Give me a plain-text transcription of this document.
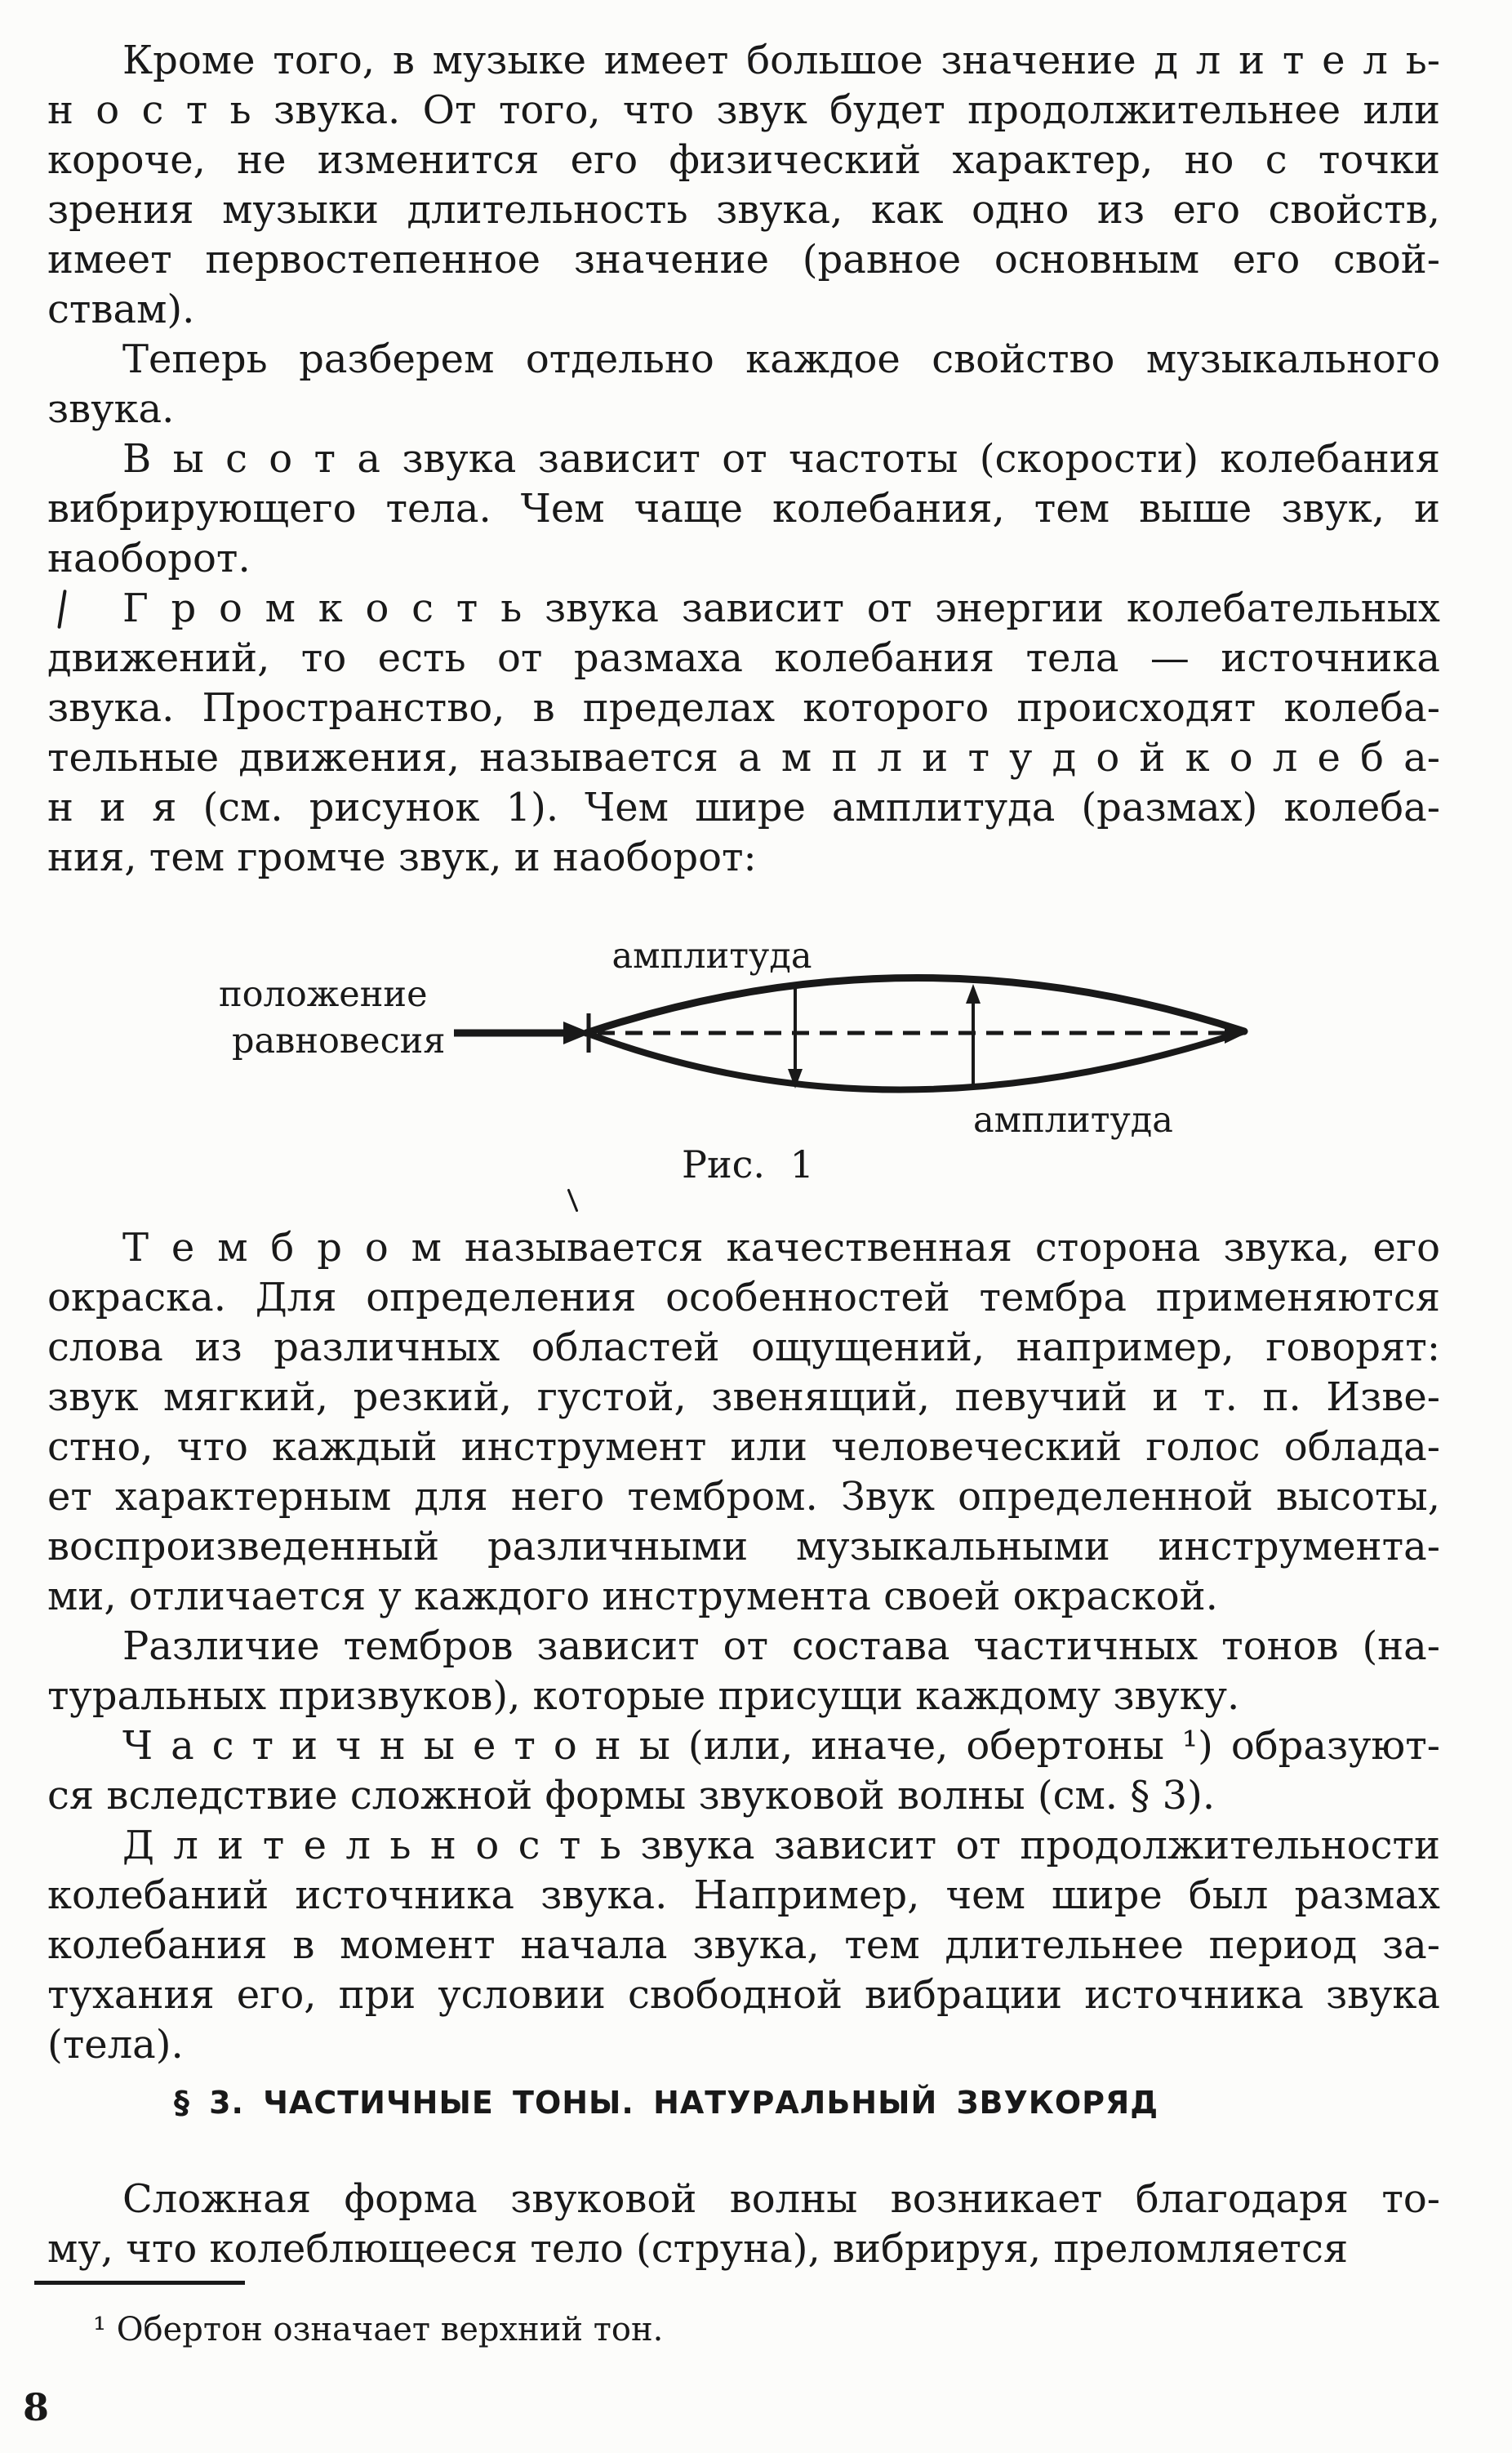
Кроме того, в музыке имеет большое значение д л и т е л ь-
н о с т ь звука. От того, что звук будет продолжительнее или
короче, не изменится его физический характер, но с точки
зрения музыки длительность звука, как одно из его свойств,
имеет первостепенное значение (равное основным его свой-
ствам).
Теперь разберем отдельно каждое свойство музыкального
звука.
В ы с о т а звука зависит от частоты (скорости) колебания
вибрирующего тела. Чем чаще колебания, тем выше звук, и
наоборот.
Г р о м к о с т ь звука зависит от энергии колебательных
движений, то есть от размаха колебания тела — источника
звука. Пространство, в пределах которого происходят колеба-
тельные движения, называется а м п л и т у д о й к о л е б а-
н и я (см. рисунок 1). Чем шире амплитуда (размах) колеба-
ния, тем громче звук, и наоборот:
амплитуда
положение
равновесия
амплитуда
Рис. 1
Т е м б р о м называется качественная сторона звука, его
окраска. Для определения особенностей тембра применяются
слова из различных областей ощущений, например, говорят:
звук мягкий, резкий, густой, звенящий, певучий и т. п. Изве-
стно, что каждый инструмент или человеческий голос облада-
ет характерным для него тембром. Звук определенной высоты,
воспроизведенный различными музыкальными инструмента-
ми, отличается у каждого инструмента своей окраской.
Различие тембров зависит от состава частичных тонов (на-
туральных призвуков), которые присущи каждому звуку.
Ч а с т и ч н ы е т о н ы (или, иначе, обертоны ¹) образуют-
ся вследствие сложной формы звуковой волны (см. § 3).
Д л и т е л ь н о с т ь звука зависит от продолжительности
колебаний источника звука. Например, чем шире был размах
колебания в момент начала звука, тем длительнее период за-
тухания его, при условии свободной вибрации источника звука
(тела).
§ 3. ЧАСТИЧНЫЕ ТОНЫ. НАТУРАЛЬНЫЙ ЗВУКОРЯД
Сложная форма звуковой волны возникает благодаря то-
му, что колеблющееся тело (струна), вибрируя, преломляется
¹ Обертон означает верхний тон.
8
